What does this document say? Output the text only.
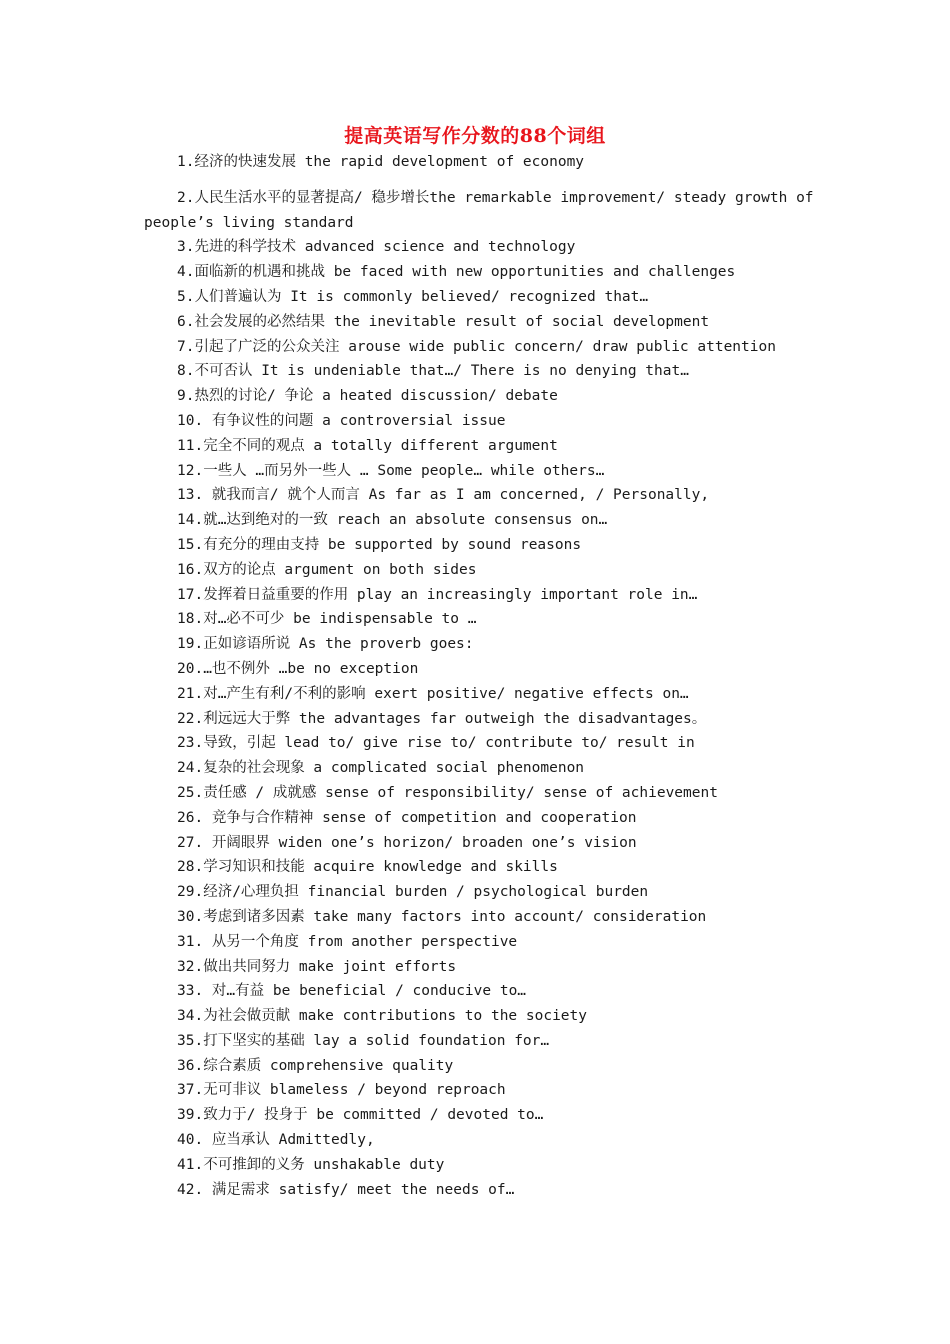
提高英语写作分数的88个词组
1.经济的快速发展 the rapid development of economy
2.人民生活水平的显著提高/ 稳步增长the remarkable improvement/ steady growth of people’s living standard
3.先进的科学技术 advanced science and technology
4.面临新的机遇和挑战 be faced with new opportunities and challenges
5.人们普遍认为 It is commonly believed/ recognized that…
6.社会发展的必然结果 the inevitable result of social development
7.引起了广泛的公众关注 arouse wide public concern/ draw public attention
8.不可否认 It is undeniable that…/ There is no denying that…
9.热烈的讨论/ 争论 a heated discussion/ debate
10. 有争议性的问题 a controversial issue
11.完全不同的观点 a totally different argument
12.一些人 …而另外一些人 … Some people… while others…
13. 就我而言/ 就个人而言 As far as I am concerned, / Personally,
14.就…达到绝对的一致 reach an absolute consensus on…
15.有充分的理由支持 be supported by sound reasons
16.双方的论点 argument on both sides
17.发挥着日益重要的作用 play an increasingly important role in…
18.对…必不可少 be indispensable to …
19.正如谚语所说 As the proverb goes:
20.…也不例外 …be no exception
21.对…产生有利/不利的影响 exert positive/ negative effects on…
22.利远远大于弊 the advantages far outweigh the disadvantages。
23.导致，引起 lead to/ give rise to/ contribute to/ result in
24.复杂的社会现象 a complicated social phenomenon
25.责任感 / 成就感 sense of responsibility/ sense of achievement
26. 竞争与合作精神 sense of competition and cooperation
27. 开阔眼界 widen one’s horizon/ broaden one’s vision
28.学习知识和技能 acquire knowledge and skills
29.经济/心理负担 financial burden / psychological burden
30.考虑到诸多因素 take many factors into account/ consideration
31. 从另一个角度 from another perspective
32.做出共同努力 make joint efforts
33. 对…有益 be beneficial / conducive to…
34.为社会做贡献 make contributions to the society
35.打下坚实的基础 lay a solid foundation for…
36.综合素质 comprehensive quality
37.无可非议 blameless / beyond reproach
39.致力于/ 投身于 be committed / devoted to…
40. 应当承认 Admittedly,
41.不可推卸的义务 unshakable duty
42. 满足需求 satisfy/ meet the needs of…
